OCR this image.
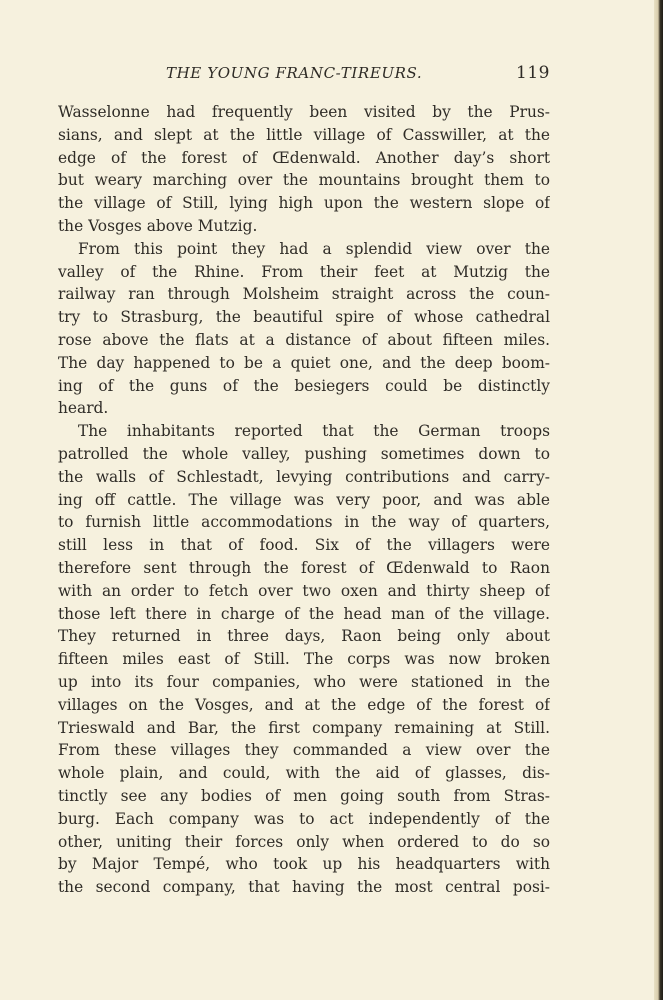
THE YOUNG FRANC-TIREURS.	119
Wasselonne had frequently been visited by the Prus-
sians, and slept at the little village of Casswiller, at the
edge of the forest of Œdenwald. Another day’s short
but weary marching over the mountains brought them to
the village of Still, lying high upon the western slope of
the Vosges above Mutzig.
From this point they had a splendid view over the
valley of the Rhine. From their feet at Mutzig the
railway ran through Molsheim straight across the coun-
try to Strasburg, the beautiful spire of whose cathedral
rose above the flats at a distance of about fifteen miles.
The day happened to be a quiet one, and the deep boom-
ing of the guns of the besiegers could be distinctly
heard.
The inhabitants reported that the German troops
patrolled the whole valley, pushing sometimes down to
the walls of Schlestadt, levying contributions and carry-
ing off cattle. The village was very poor, and was able
to furnish little accommodations in the way of quarters,
still less in that of food. Six of the villagers were
therefore sent through the forest of Œdenwald to Raon
with an order to fetch over two oxen and thirty sheep of
those left there in charge of the head man of the village.
They returned in three days, Raon being only about
fifteen miles east of Still. The corps was now broken
up into its four companies, who were stationed in the
villages on the Vosges, and at the edge of the forest of
Trieswald and Bar, the first company remaining at Still.
From these villages they commanded a view over the
whole plain, and could, with the aid of glasses, dis-
tinctly see any bodies of men going south from Stras-
burg. Each company was to act independently of the
other, uniting their forces only when ordered to do so
by Major Tempé, who took up his headquarters with
the second company, that having the most central posi-
